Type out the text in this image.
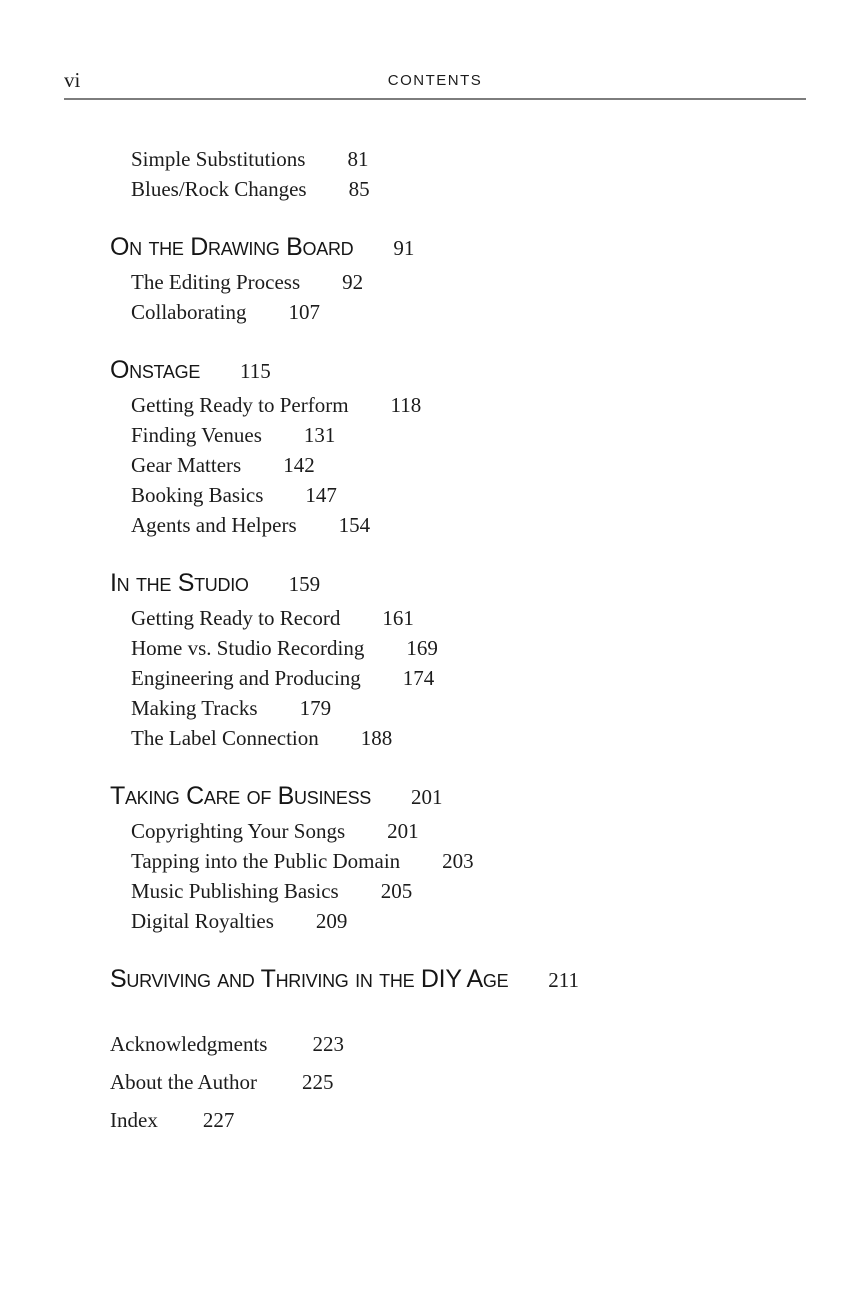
vi	CONTENTS
Simple Substitutions 81
Blues/Rock Changes 85
On the Drawing Board 91
The Editing Process 92
Collaborating 107
Onstage 115
Getting Ready to Perform 118
Finding Venues 131
Gear Matters 142
Booking Basics 147
Agents and Helpers 154
In the Studio 159
Getting Ready to Record 161
Home vs. Studio Recording 169
Engineering and Producing 174
Making Tracks 179
The Label Connection 188
Taking Care of Business 201
Copyrighting Your Songs 201
Tapping into the Public Domain 203
Music Publishing Basics 205
Digital Royalties 209
Surviving and Thriving in the DIY Age 211
Acknowledgments 223
About the Author 225
Index 227
